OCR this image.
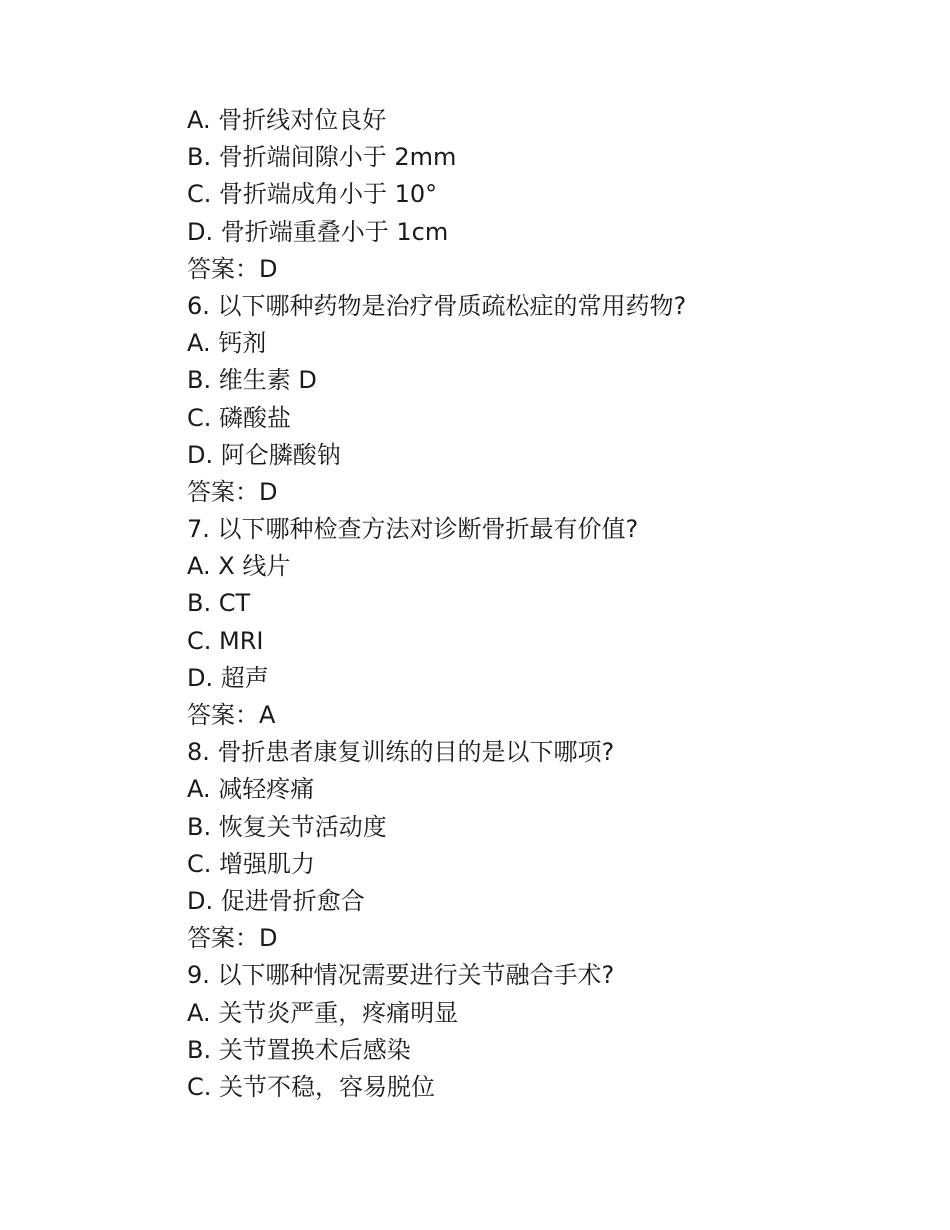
A. 骨折线对位良好

B. 骨折端间隙小于 2mm

C. 骨折端成角小于 10°

D. 骨折端重叠小于 1cm

答案：D

6. 以下哪种药物是治疗骨质疏松症的常用药物?

A. 钙剂

B. 维生素 D

C. 磷酸盐

D. 阿仑膦酸钠

答案：D

7. 以下哪种检查方法对诊断骨折最有价值?

A. X 线片

B. CT

C. MRI

D. 超声

答案：A

8. 骨折患者康复训练的目的是以下哪项?

A. 减轻疼痛

B. 恢复关节活动度

C. 增强肌力

D. 促进骨折愈合

答案：D

9. 以下哪种情况需要进行关节融合手术?

A. 关节炎严重，疼痛明显

B. 关节置换术后感染

C. 关节不稳，容易脱位
